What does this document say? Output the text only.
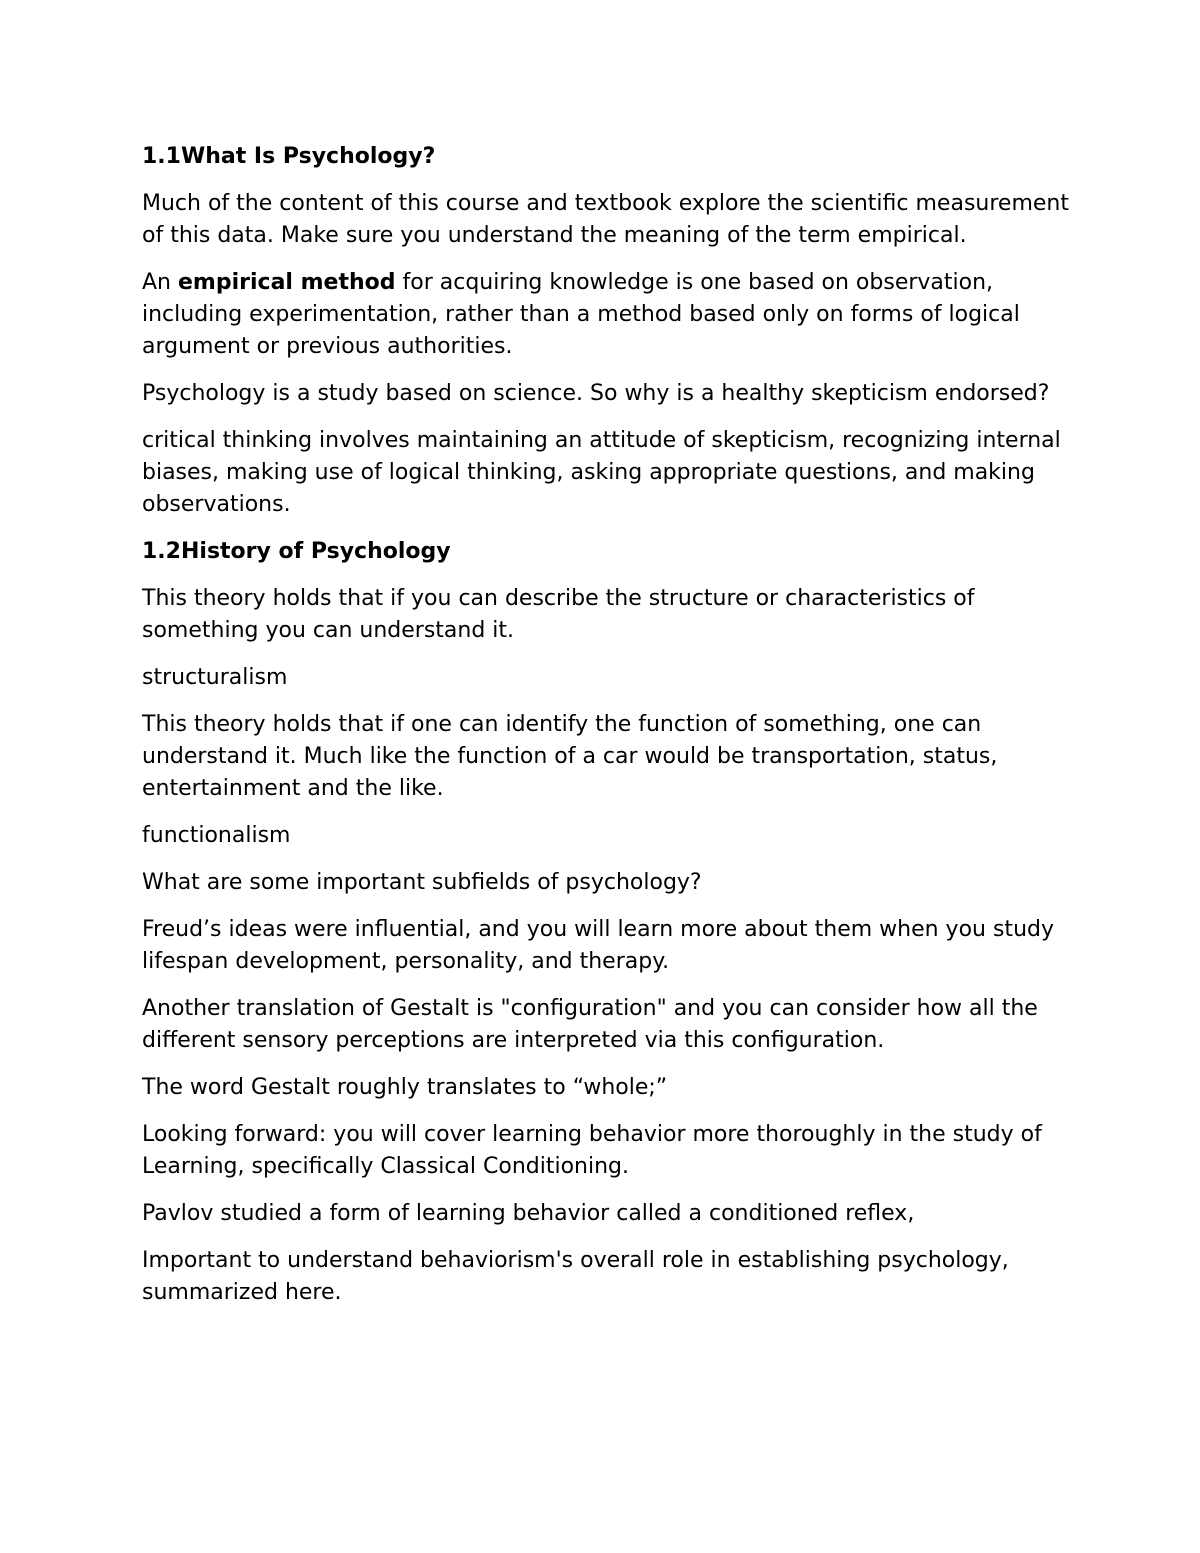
1.1What Is Psychology?

Much of the content of this course and textbook explore the scientific measurement of this data. Make sure you understand the meaning of the term empirical.

An empirical method for acquiring knowledge is one based on observation, including experimentation, rather than a method based only on forms of logical argument or previous authorities.

Psychology is a study based on science. So why is a healthy skepticism endorsed?

critical thinking involves maintaining an attitude of skepticism, recognizing internal biases, making use of logical thinking, asking appropriate questions, and making observations.

1.2History of Psychology

This theory holds that if you can describe the structure or characteristics of something you can understand it.

structuralism

This theory holds that if one can identify the function of something, one can understand it. Much like the function of a car would be transportation, status, entertainment and the like.

functionalism

What are some important subfields of psychology?

Freud’s ideas were influential, and you will learn more about them when you study lifespan development, personality, and therapy.

Another translation of Gestalt is "configuration" and you can consider how all the different sensory perceptions are interpreted via this configuration.

The word Gestalt roughly translates to “whole;”

Looking forward: you will cover learning behavior more thoroughly in the study of Learning, specifically Classical Conditioning.

Pavlov studied a form of learning behavior called a conditioned reflex,

Important to understand behaviorism's overall role in establishing psychology, summarized here.
